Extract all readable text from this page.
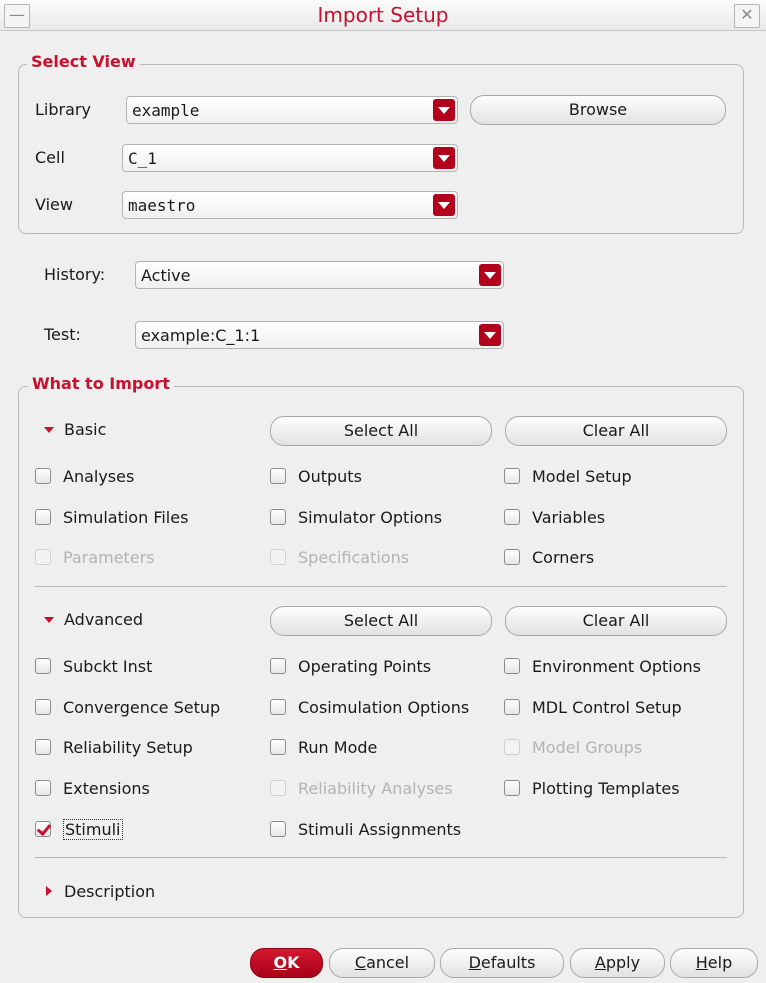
—	Import Setup	✕
Select View
Library	example	Browse
Cell	C_1
View	maestro
History: Active
Test:	example:C_1:1
What to Import
Basic	Select All	Clear All
Analyses	Outputs	Model Setup
Simulation Files	Simulator Options	Variables
Parameters	Specifications	Corners
Advanced	Select All	Clear All
Subckt Inst	Operating Points	Environment Options
Convergence Setup	Cosimulation Options	MDL Control Setup
Reliability Setup	Run Mode	Model Groups
Extensions	Reliability Analyses	Plotting Templates
Stimuli	Stimuli Assignments
Description
OK	Cancel	Defaults	Apply	Help
